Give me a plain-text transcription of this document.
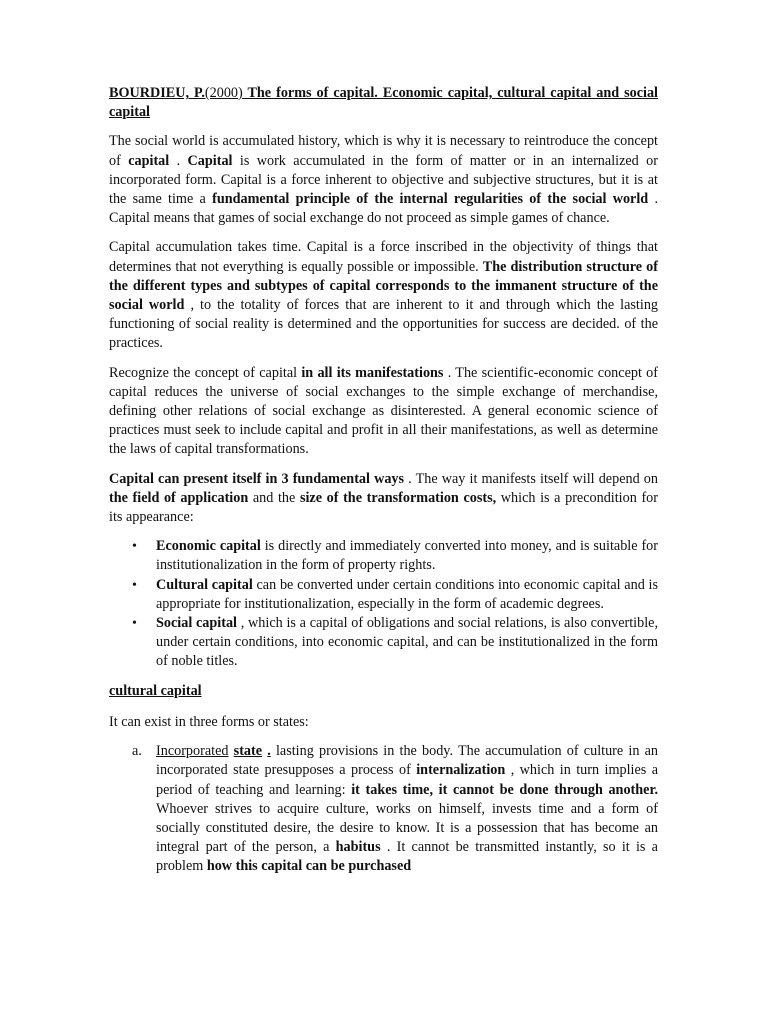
BOURDIEU, P.(2000) The forms of capital. Economic capital, cultural capital and social capital

The social world is accumulated history, which is why it is necessary to reintroduce the concept of capital . Capital is work accumulated in the form of matter or in an internalized or incorporated form. Capital is a force inherent to objective and subjective structures, but it is at the same time a fundamental principle of the internal regularities of the social world . Capital means that games of social exchange do not proceed as simple games of chance.

Capital accumulation takes time. Capital is a force inscribed in the objectivity of things that determines that not everything is equally possible or impossible. The distribution structure of the different types and subtypes of capital corresponds to the immanent structure of the social world , to the totality of forces that are inherent to it and through which the lasting functioning of social reality is determined and the opportunities for success are decided. of the practices.

Recognize the concept of capital in all its manifestations . The scientific-economic concept of capital reduces the universe of social exchanges to the simple exchange of merchandise, defining other relations of social exchange as disinterested. A general economic science of practices must seek to include capital and profit in all their manifestations, as well as determine the laws of capital transformations.

Capital can present itself in 3 fundamental ways . The way it manifests itself will depend on the field of application and the size of the transformation costs, which is a precondition for its appearance:

• Economic capital is directly and immediately converted into money, and is suitable for institutionalization in the form of property rights.
• Cultural capital can be converted under certain conditions into economic capital and is appropriate for institutionalization, especially in the form of academic degrees.
• Social capital , which is a capital of obligations and social relations, is also convertible, under certain conditions, into economic capital, and can be institutionalized in the form of noble titles.

cultural capital

It can exist in three forms or states:

a. Incorporated state . lasting provisions in the body. The accumulation of culture in an incorporated state presupposes a process of internalization , which in turn implies a period of teaching and learning: it takes time, it cannot be done through another. Whoever strives to acquire culture, works on himself, invests time and a form of socially constituted desire, the desire to know. It is a possession that has become an integral part of the person, a habitus . It cannot be transmitted instantly, so it is a problem how this capital can be purchased
